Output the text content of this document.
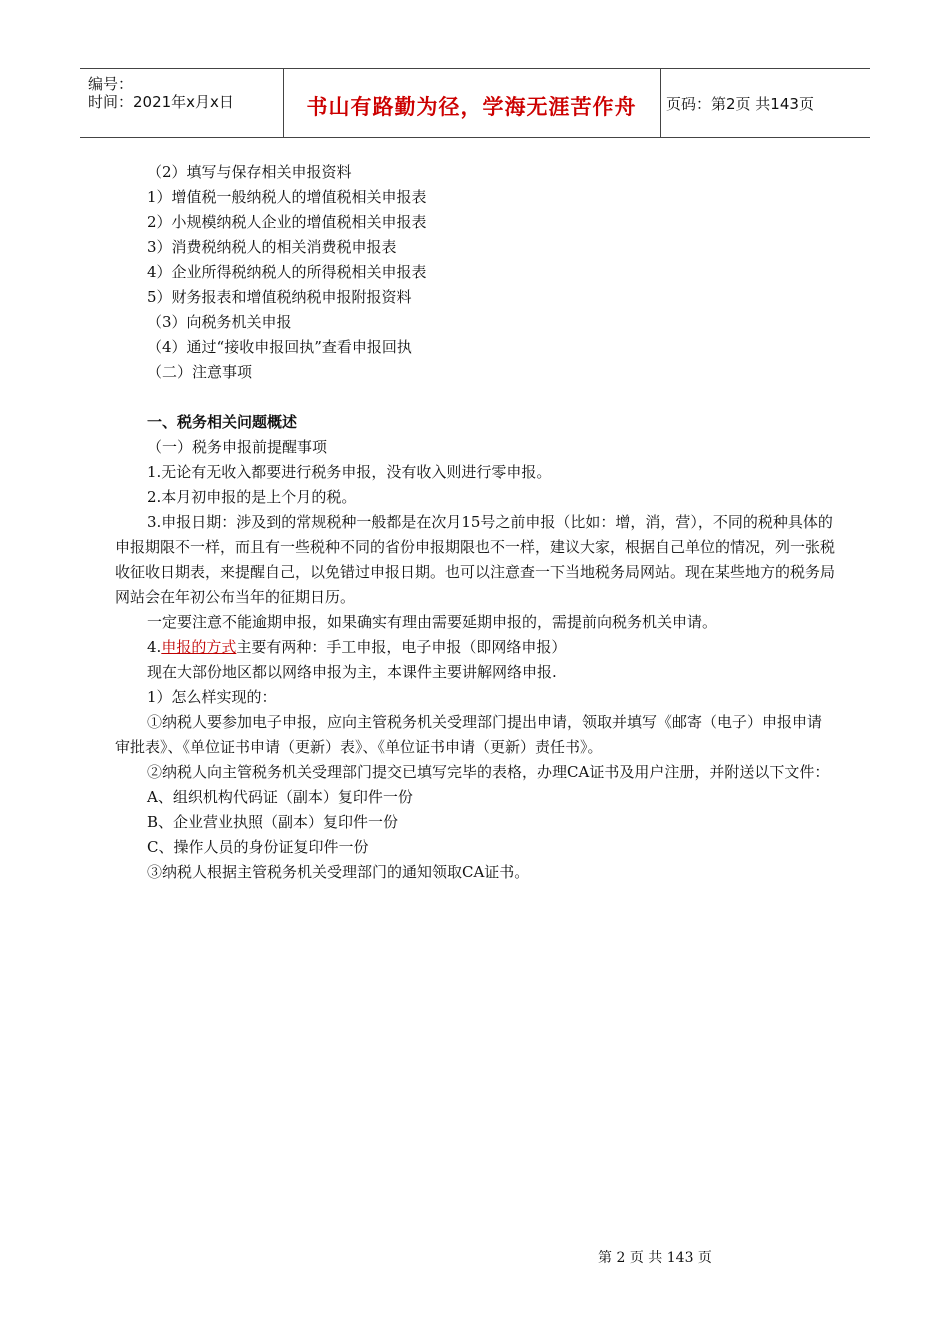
编号：
时间：2021年x月x日	书山有路勤为径，学海无涯苦作舟	页码：第2页 共143页

（2）填写与保存相关申报资料

1）增值税一般纳税人的增值税相关申报表

2）小规模纳税人企业的增值税相关申报表

3）消费税纳税人的相关消费税申报表

4）企业所得税纳税人的所得税相关申报表

5）财务报表和增值税纳税申报附报资料

（3）向税务机关申报

（4）通过“接收申报回执”查看申报回执

（二）注意事项

一、税务相关问题概述

（一）税务申报前提醒事项

1.无论有无收入都要进行税务申报，没有收入则进行零申报。

2.本月初申报的是上个月的税。

3.申报日期：涉及到的常规税种一般都是在次月15号之前申报（比如：增，消，营），不同的税种具体的申报期限不一样，而且有一些税种不同的省份申报期限也不一样，建议大家，根据自己单位的情况，列一张税收征收日期表，来提醒自己，以免错过申报日期。也可以注意查一下当地税务局网站。现在某些地方的税务局网站会在年初公布当年的征期日历。

一定要注意不能逾期申报，如果确实有理由需要延期申报的，需提前向税务机关申请。

4.申报的方式主要有两种：手工申报，电子申报（即网络申报）

现在大部份地区都以网络申报为主，本课件主要讲解网络申报.

1）怎么样实现的：

①纳税人要参加电子申报，应向主管税务机关受理部门提出申请，领取并填写《邮寄（电子）申报申请审批表》、《单位证书申请（更新）表》、《单位证书申请（更新）责任书》。

②纳税人向主管税务机关受理部门提交已填写完毕的表格，办理CA证书及用户注册，并附送以下文件：

A、组织机构代码证（副本）复印件一份

B、企业营业执照（副本）复印件一份

C、操作人员的身份证复印件一份

③纳税人根据主管税务机关受理部门的通知领取CA证书。

第 2 页 共 143 页
